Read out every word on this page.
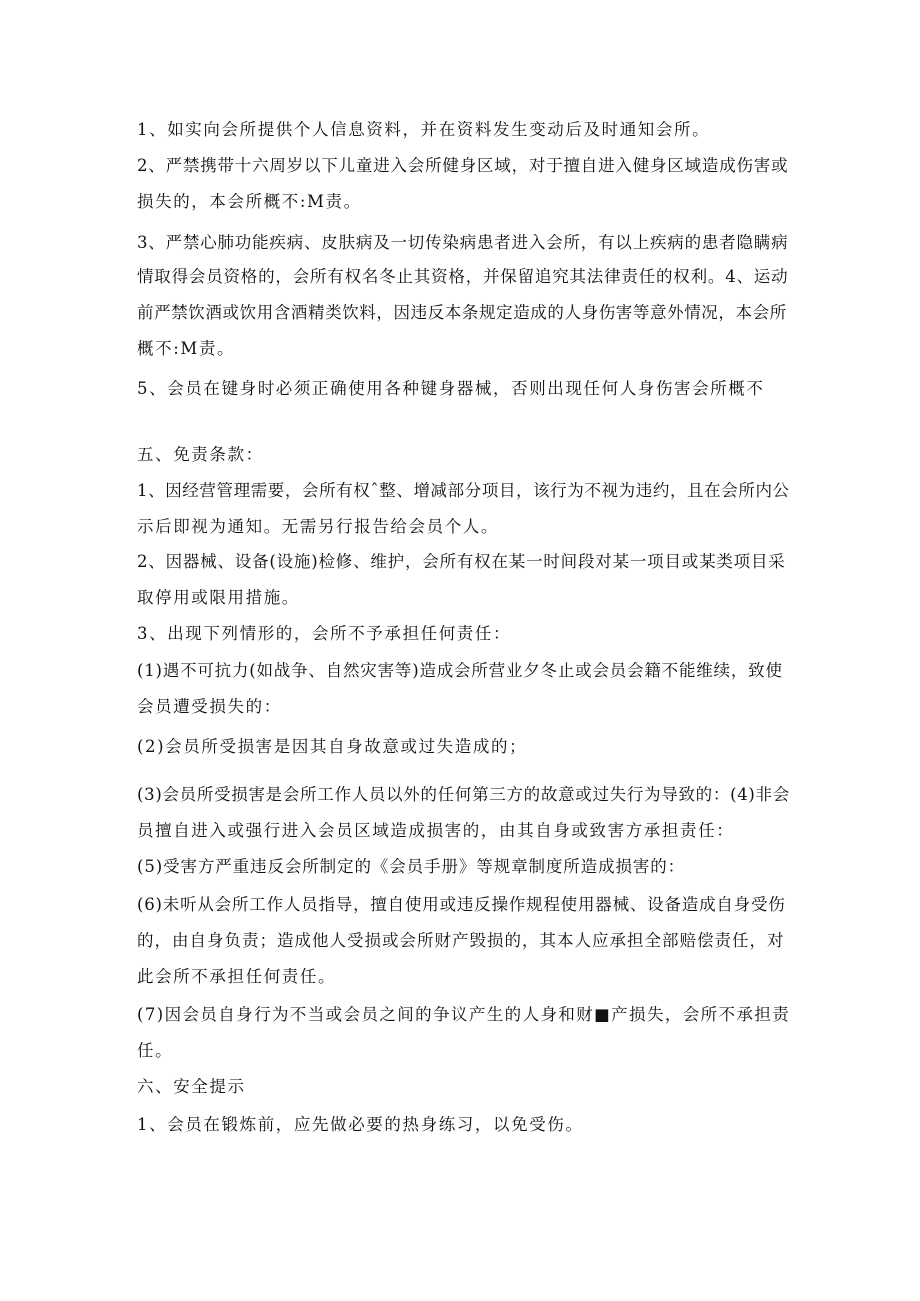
1、如实向会所提供个人信息资料，并在资料发生变动后及时通知会所。
2、严禁携带十六周岁以下儿童进入会所健身区域，对于擅自进入健身区域造成伤害或
损失的，本会所概不:M责。
3、严禁心肺功能疾病、皮肤病及一切传染病患者进入会所，有以上疾病的患者隐瞒病
情取得会员资格的，会所有权名冬止其资格，并保留追究其法律责任的权利。4、运动
前严禁饮酒或饮用含酒精类饮料，因违反本条规定造成的人身伤害等意外情况，本会所
概不:M责。
5、会员在键身时必须正确使用各种键身器械，否则出现任何人身伤害会所概不
五、免责条款：
1、因经营管理需要，会所有权ˆ整、增减部分项目，该行为不视为违约，且在会所内公
示后即视为通知。无需另行报告给会员个人。
2、因器械、设备(设施)检修、维护，会所有权在某一时间段对某一项目或某类项目采
取停用或限用措施。
3、出现下列情形的，会所不予承担任何责任：
(1)遇不可抗力(如战争、自然灾害等)造成会所营业夕冬止或会员会籍不能维续，致使
会员遭受损失的：
(2)会员所受损害是因其自身故意或过失造成的；
(3)会员所受损害是会所工作人员以外的任何第三方的故意或过失行为导致的：(4)非会
员擅自进入或强行进入会员区域造成损害的，由其自身或致害方承担责任：
(5)受害方严重违反会所制定的《会员手册》等规章制度所造成损害的：
(6)未听从会所工作人员指导，擅自使用或违反操作规程使用器械、设备造成自身受伤
的，由自身负责；造成他人受损或会所财产毁损的，其本人应承担全部赔偿责任，对
此会所不承担任何责任。
(7)因会员自身行为不当或会员之间的争议产生的人身和财■产损失，会所不承担责
任。
六、安全提示
1、会员在锻炼前，应先做必要的热身练习，以免受伤。
